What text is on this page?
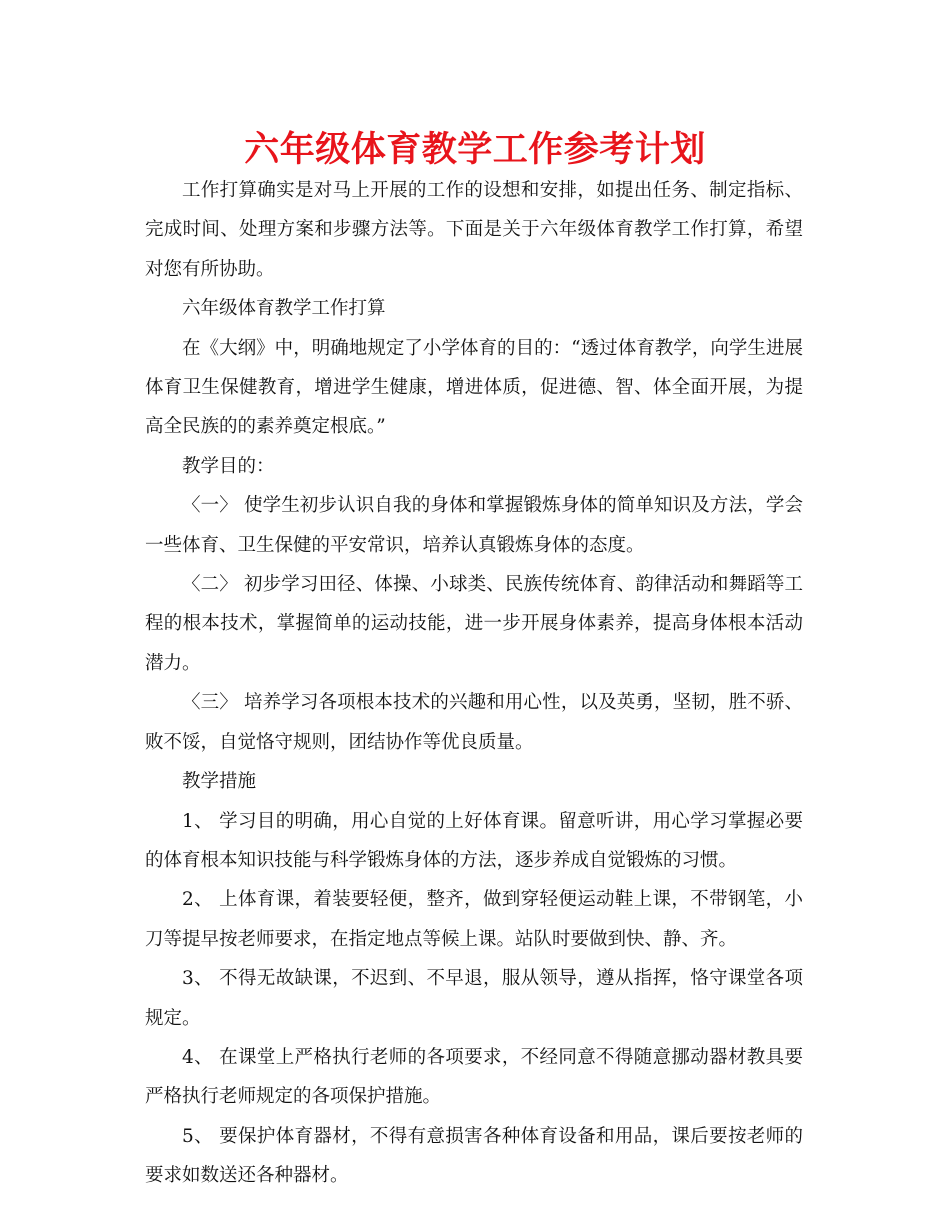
六年级体育教学工作参考计划

工作打算确实是对马上开展的工作的设想和安排，如提出任务、制定指标、完成时间、处理方案和步骤方法等。下面是关于六年级体育教学工作打算，希望对您有所协助。

六年级体育教学工作打算

在《大纲》中，明确地规定了小学体育的目的：“透过体育教学，向学生进展体育卫生保健教育，增进学生健康，增进体质，促进德、智、体全面开展，为提高全民族的的素养奠定根底。”

教学目的：

〈一〉 使学生初步认识自我的身体和掌握锻炼身体的简单知识及方法，学会一些体育、卫生保健的平安常识，培养认真锻炼身体的态度。

〈二〉 初步学习田径、体操、小球类、民族传统体育、韵律活动和舞蹈等工程的根本技术，掌握简单的运动技能，进一步开展身体素养，提高身体根本活动潜力。

〈三〉 培养学习各项根本技术的兴趣和用心性，以及英勇，坚韧，胜不骄、败不馁，自觉恪守规则，团结协作等优良质量。

教学措施

1、 学习目的明确，用心自觉的上好体育课。留意听讲，用心学习掌握必要的体育根本知识技能与科学锻炼身体的方法，逐步养成自觉锻炼的习惯。

2、 上体育课，着装要轻便，整齐，做到穿轻便运动鞋上课，不带钢笔，小刀等提早按老师要求，在指定地点等候上课。站队时要做到快、静、齐。

3、 不得无故缺课，不迟到、不早退，服从领导，遵从指挥，恪守课堂各项规定。

4、 在课堂上严格执行老师的各项要求，不经同意不得随意挪动器材教具要严格执行老师规定的各项保护措施。

5、 要保护体育器材，不得有意损害各种体育设备和用品，课后要按老师的要求如数送还各种器材。
